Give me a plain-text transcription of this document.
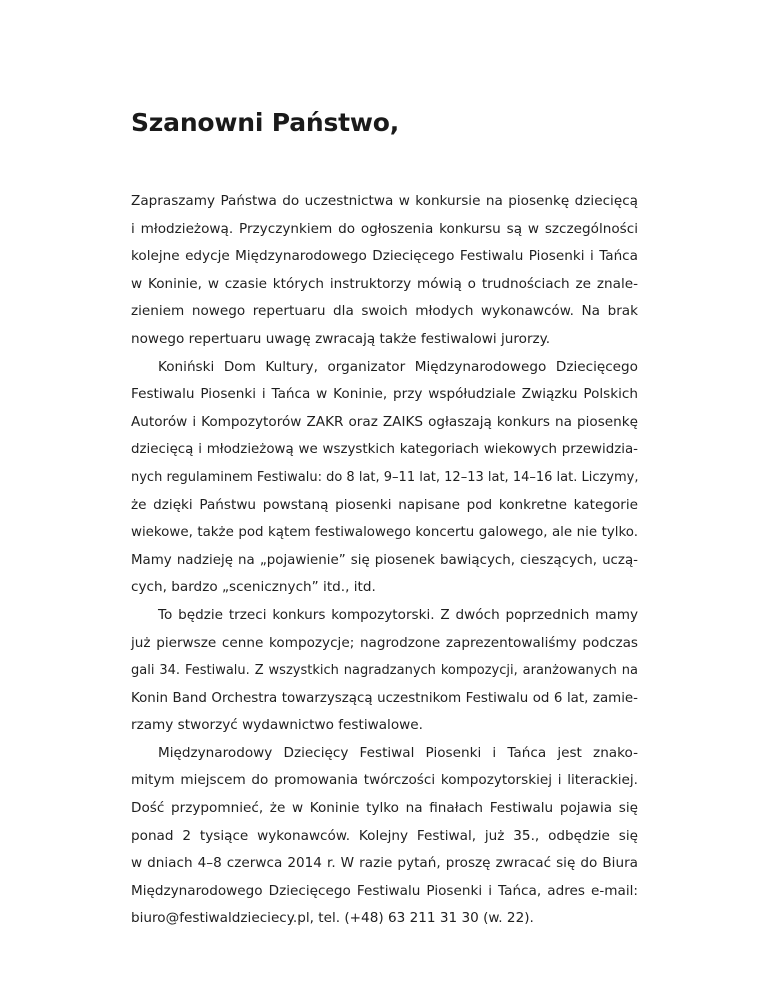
Szanowni Państwo,
Zapraszamy Państwa do uczestnictwa w konkursie na piosenkę dziecięcą
i młodzieżową. Przyczynkiem do ogłoszenia konkursu są w szczególności
kolejne edycje Międzynarodowego Dziecięcego Festiwalu Piosenki i Tańca
w Koninie, w czasie których instruktorzy mówią o trudnościach ze znale-
zieniem nowego repertuaru dla swoich młodych wykonawców. Na brak
nowego repertuaru uwagę zwracają także festiwalowi jurorzy.
Koniński Dom Kultury, organizator Międzynarodowego Dziecięcego
Festiwalu Piosenki i Tańca w Koninie, przy współudziale Związku Polskich
Autorów i Kompozytorów ZAKR oraz ZAIKS ogłaszają konkurs na piosenkę
dziecięcą i młodzieżową we wszystkich kategoriach wiekowych przewidzia-
nych regulaminem Festiwalu: do 8 lat, 9–11 lat, 12–13 lat, 14–16 lat. Liczymy,
że dzięki Państwu powstaną piosenki napisane pod konkretne kategorie
wiekowe, także pod kątem festiwalowego koncertu galowego, ale nie tylko.
Mamy nadzieję na „pojawienie” się piosenek bawiących, cieszących, uczą-
cych, bardzo „scenicznych” itd., itd.
To będzie trzeci konkurs kompozytorski. Z dwóch poprzednich mamy
już pierwsze cenne kompozycje; nagrodzone zaprezentowaliśmy podczas
gali 34. Festiwalu. Z wszystkich nagradzanych kompozycji, aranżowanych na
Konin Band Orchestra towarzyszącą uczestnikom Festiwalu od 6 lat, zamie-
rzamy stworzyć wydawnictwo festiwalowe.
Międzynarodowy Dziecięcy Festiwal Piosenki i Tańca jest znako-
mitym miejscem do promowania twórczości kompozytorskiej i literackiej.
Dość przypomnieć, że w Koninie tylko na finałach Festiwalu pojawia się
ponad 2 tysiące wykonawców. Kolejny Festiwal, już 35., odbędzie się
w dniach 4–8 czerwca 2014 r. W razie pytań, proszę zwracać się do Biura
Międzynarodowego Dziecięcego Festiwalu Piosenki i Tańca, adres e-mail:
biuro@festiwaldzieciecy.pl, tel. (+48) 63 211 31 30 (w. 22).
